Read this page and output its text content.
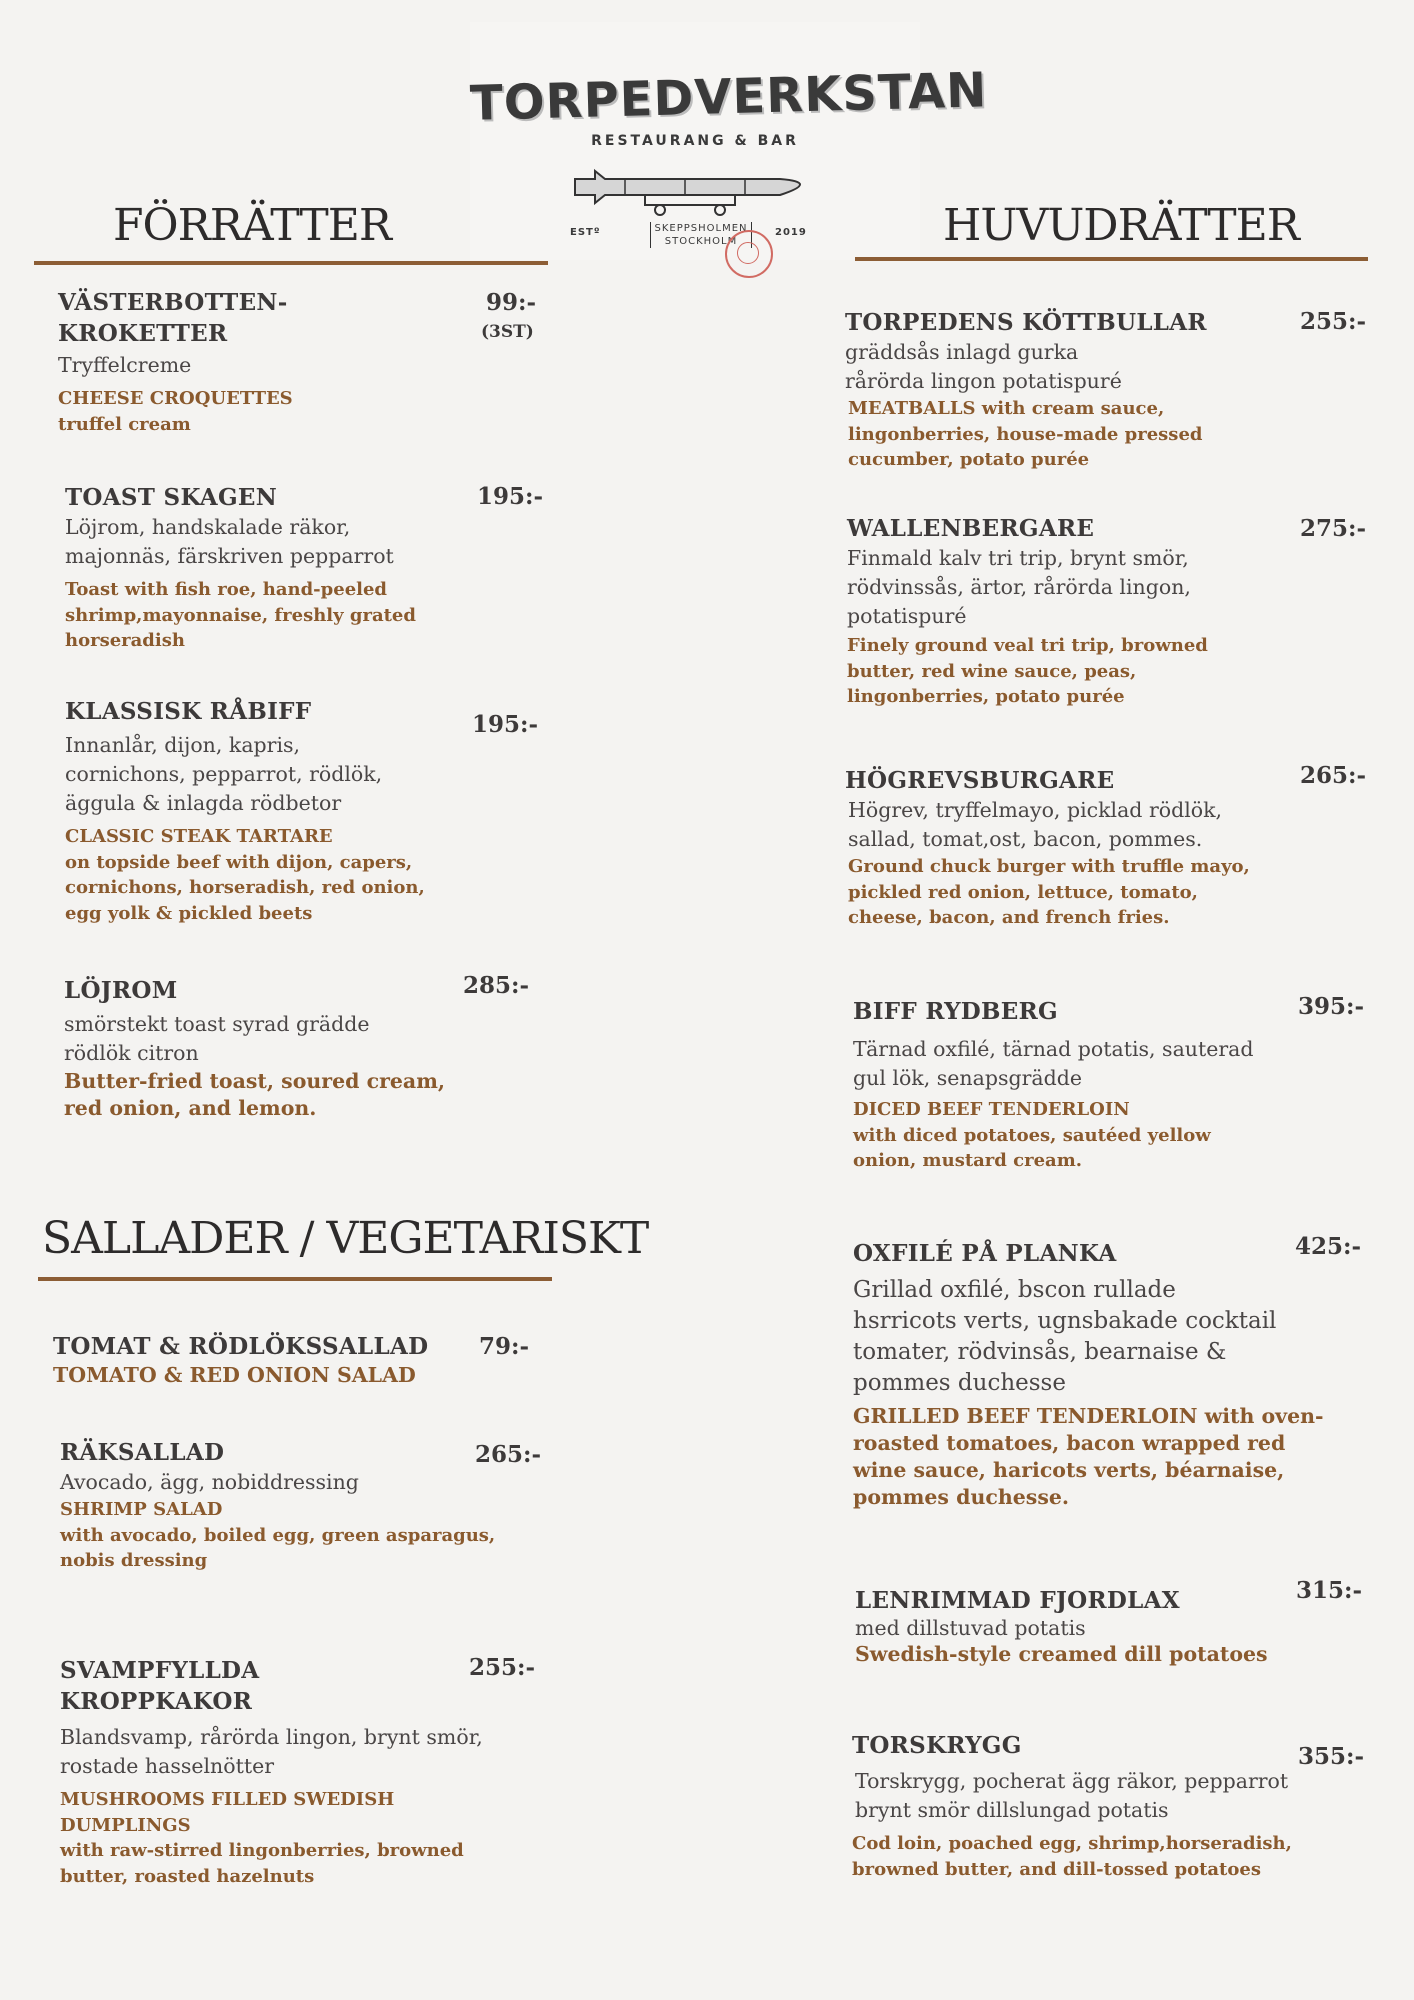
TORPEDVERKSTAN
RESTAURANG & BAR
ESTº	SKEPPSHOLMEN
STOCKHOLM
2019
FÖRRÄTTER	HUVUDRÄTTER
SALLADER / VEGETARISKT
VÄSTERBOTTEN-
KROKETTER
Tryffelcreme
CHEESE CROQUETTES
truffel cream
99:-
(3ST)
TOAST SKAGEN
Löjrom, handskalade räkor,
majonnäs, färskriven pepparrot
Toast with fish roe, hand-peeled
shrimp,mayonnaise, freshly grated
horseradish
195:-
KLASSISK RÅBIFF
Innanlår, dijon, kapris,
cornichons, pepparrot, rödlök,
äggula & inlagda rödbetor
CLASSIC STEAK TARTARE
on topside beef with dijon, capers,
cornichons, horseradish, red onion,
egg yolk & pickled beets
195:-
LÖJROM
smörstekt toast syrad grädde
rödlök citron
Butter-fried toast, soured cream,
red onion, and lemon.
285:-
TOMAT & RÖDLÖKSSALLAD
TOMATO & RED ONION SALAD
79:-
RÄKSALLAD
Avocado, ägg, nobiddressing
SHRIMP SALAD
with avocado, boiled egg, green asparagus,
nobis dressing
265:-
SVAMPFYLLDA
KROPPKAKOR
Blandsvamp, rårörda lingon, brynt smör,
rostade hasselnötter
MUSHROOMS FILLED SWEDISH
DUMPLINGS
with raw-stirred lingonberries, browned
butter, roasted hazelnuts
255:-
TORPEDENS KÖTTBULLAR
gräddsås inlagd gurka
rårörda lingon potatispuré
MEATBALLS with cream sauce,
lingonberries, house-made pressed
cucumber, potato purée
255:-
WALLENBERGARE
Finmald kalv tri trip, brynt smör,
rödvinssås, ärtor, rårörda lingon,
potatispuré
Finely ground veal tri trip, browned
butter, red wine sauce, peas,
lingonberries, potato purée
275:-
HÖGREVSBURGARE
Högrev, tryffelmayo, picklad rödlök,
sallad, tomat,ost, bacon, pommes.
Ground chuck burger with truffle mayo,
pickled red onion, lettuce, tomato,
cheese, bacon, and french fries.
265:-
BIFF RYDBERG
Tärnad oxfilé, tärnad potatis, sauterad
gul lök, senapsgrädde
DICED BEEF TENDERLOIN
with diced potatoes, sautéed yellow
onion, mustard cream.
395:-
OXFILÉ PÅ PLANKA
Grillad oxfilé, bscon rullade
hsrricots verts, ugnsbakade cocktail
tomater, rödvinsås, bearnaise &
pommes duchesse
GRILLED BEEF TENDERLOIN with oven-
roasted tomatoes, bacon wrapped red
wine sauce, haricots verts, béarnaise,
pommes duchesse.
425:-
LENRIMMAD FJORDLAX
med dillstuvad potatis
Swedish-style creamed dill potatoes
315:-
TORSKRYGG
Torskrygg, pocherat ägg räkor, pepparrot
brynt smör dillslungad potatis
Cod loin, poached egg, shrimp,horseradish,
browned butter, and dill-tossed potatoes
355:-
